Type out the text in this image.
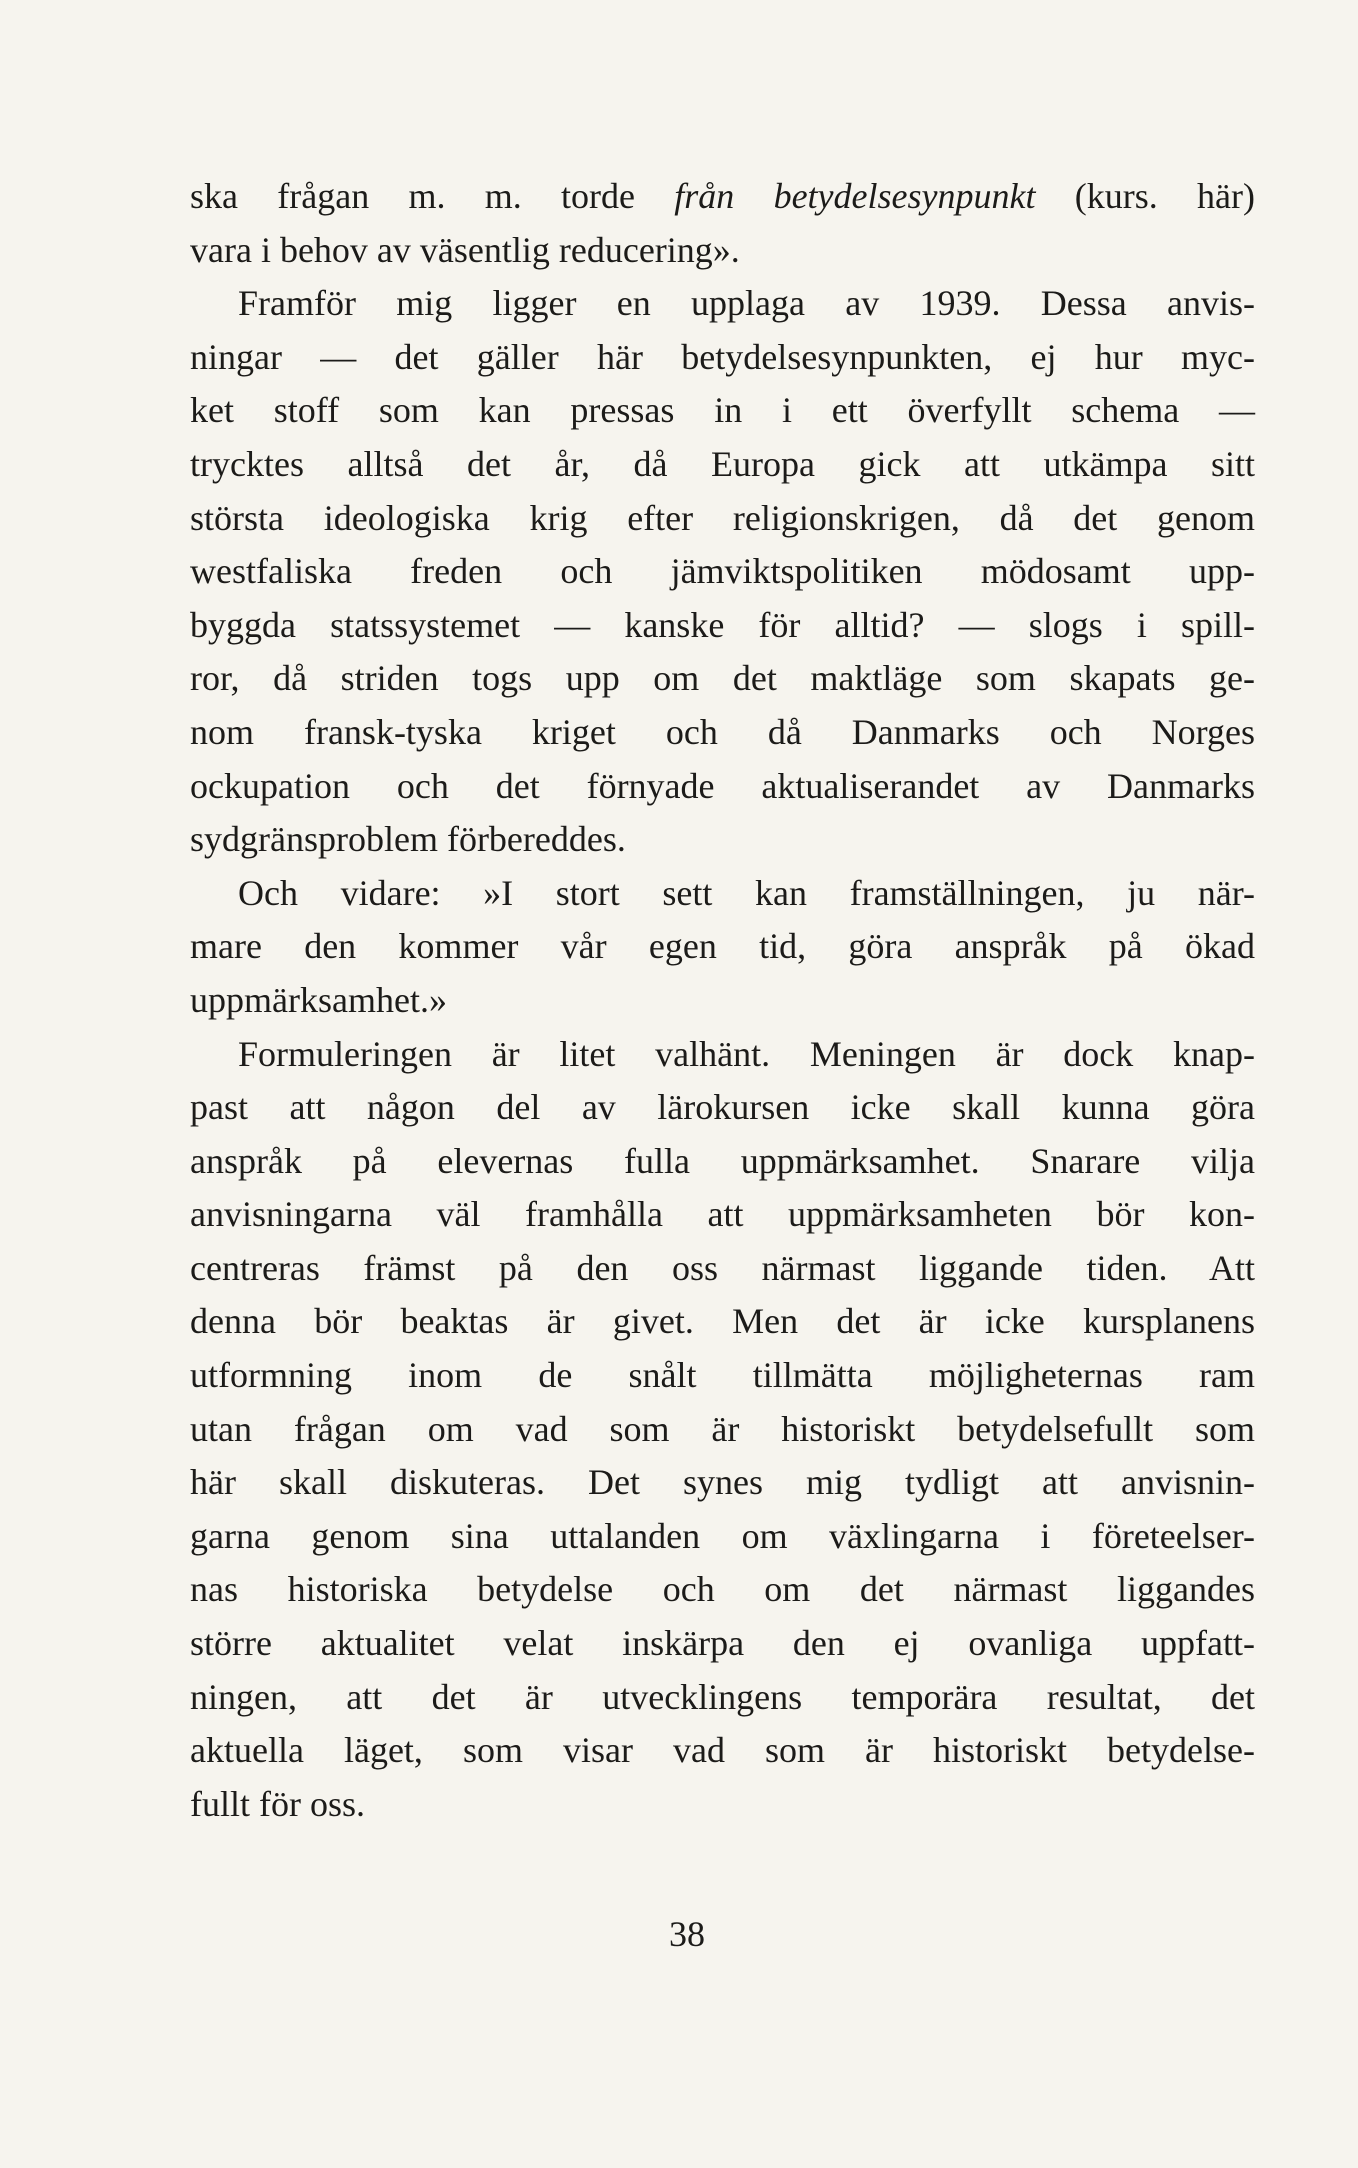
ska frågan m. m. torde från betydelsesynpunkt (kurs. här)
vara i behov av väsentlig reducering».
Framför mig ligger en upplaga av 1939. Dessa anvis-
ningar — det gäller här betydelsesynpunkten, ej hur myc-
ket stoff som kan pressas in i ett överfyllt schema —
trycktes alltså det år, då Europa gick att utkämpa sitt
största ideologiska krig efter religionskrigen, då det genom
westfaliska freden och jämviktspolitiken mödosamt upp-
byggda statssystemet — kanske för alltid? — slogs i spill-
ror, då striden togs upp om det maktläge som skapats ge-
nom fransk-tyska kriget och då Danmarks och Norges
ockupation och det förnyade aktualiserandet av Danmarks
sydgränsproblem förbereddes.
Och vidare: »I stort sett kan framställningen, ju när-
mare den kommer vår egen tid, göra anspråk på ökad
uppmärksamhet.»
Formuleringen är litet valhänt. Meningen är dock knap-
past att någon del av lärokursen icke skall kunna göra
anspråk på elevernas fulla uppmärksamhet. Snarare vilja
anvisningarna väl framhålla att uppmärksamheten bör kon-
centreras främst på den oss närmast liggande tiden. Att
denna bör beaktas är givet. Men det är icke kursplanens
utformning inom de snålt tillmätta möjligheternas ram
utan frågan om vad som är historiskt betydelsefullt som
här skall diskuteras. Det synes mig tydligt att anvisnin-
garna genom sina uttalanden om växlingarna i företeelser-
nas historiska betydelse och om det närmast liggandes
större aktualitet velat inskärpa den ej ovanliga uppfatt-
ningen, att det är utvecklingens temporära resultat, det
aktuella läget, som visar vad som är historiskt betydelse-
fullt för oss.
38
